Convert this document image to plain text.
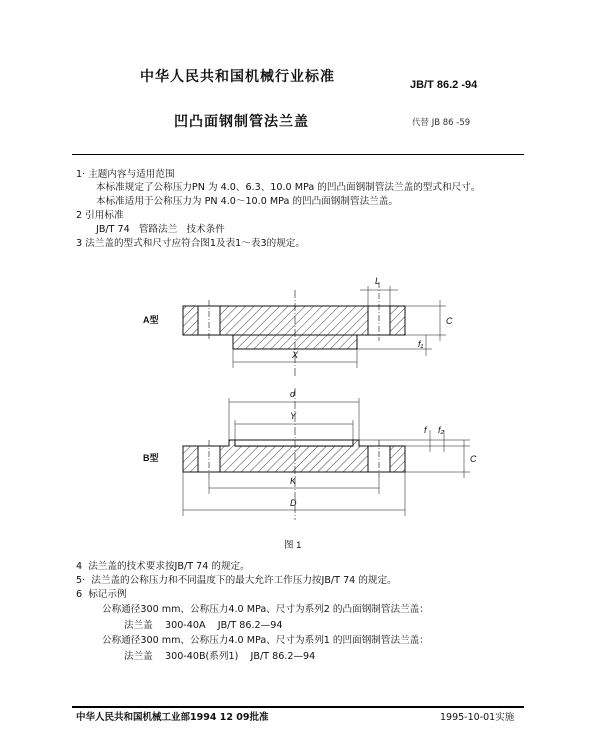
中华人民共和国机械行业标准	JB/T 86.2 -94
凹凸面钢制管法兰盖	代替 JB 86 -59
1· 主题内容与适用范围
本标准规定了公称压力PN 为 4.0、6.3、10.0 MPa 的凹凸面钢制管法兰盖的型式和尺寸。
本标准适用于公称压力为 PN 4.0～10.0 MPa 的凹凸面钢制管法兰盖。
2 引用标准
JB/T 74 管路法兰 技术条件
3 法兰盖的型式和尺寸应符合图1及表1～表3的规定。
L
C
f₁
X
d
Y
f f₂
C
K
D
A型
B型
图 1
4 法兰盖的技术要求按JB/T 74 的规定。
5· 法兰盖的公称压力和不同温度下的最大允许工作压力按JB/T 74 的规定。
6 标记示例
公称通径300 mm、公称压力4.0 MPa、尺寸为系列2 的凸面钢制管法兰盖：
法兰盖 300-40A JB/T 86.2—94
公称通径300 mm、公称压力4.0 MPa、尺寸为系列1 的凹面钢制管法兰盖：
法兰盖 300-40B(系列1) JB/T 86.2—94
中华人民共和国机械工业部1994 12 09批准	1995-10-01实施
